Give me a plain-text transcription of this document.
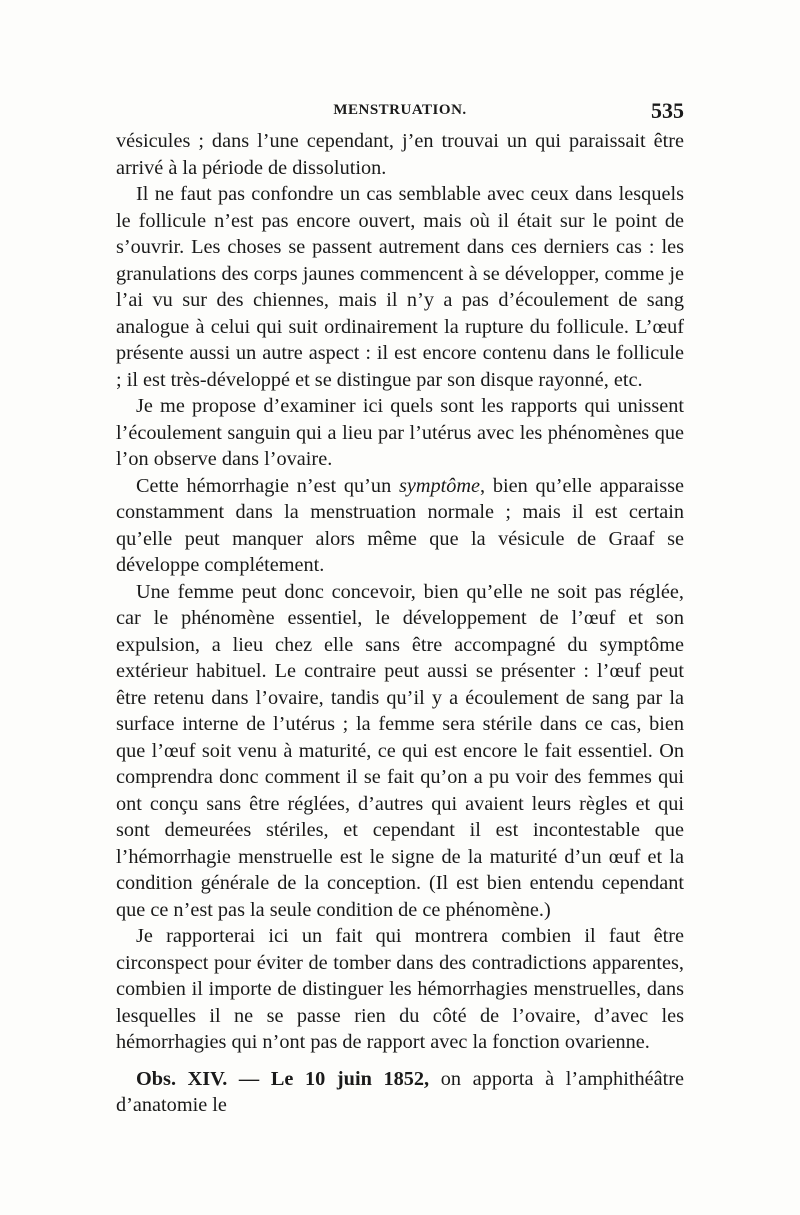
MENSTRUATION.	535

vésicules ; dans l’une cependant, j’en trouvai un qui paraissait être arrivé à la période de dissolution.

Il ne faut pas confondre un cas semblable avec ceux dans lesquels le follicule n’est pas encore ouvert, mais où il était sur le point de s’ouvrir. Les choses se passent autrement dans ces derniers cas : les granulations des corps jaunes commencent à se développer, comme je l’ai vu sur des chiennes, mais il n’y a pas d’écoulement de sang analogue à celui qui suit ordinairement la rupture du follicule. L’œuf présente aussi un autre aspect : il est encore contenu dans le follicule ; il est très-développé et se distingue par son disque rayonné, etc.

Je me propose d’examiner ici quels sont les rapports qui unissent l’écoulement sanguin qui a lieu par l’utérus avec les phénomènes que l’on observe dans l’ovaire.

Cette hémorrhagie n’est qu’un symptôme, bien qu’elle apparaisse constamment dans la menstruation normale ; mais il est certain qu’elle peut manquer alors même que la vésicule de Graaf se développe complétement.

Une femme peut donc concevoir, bien qu’elle ne soit pas réglée, car le phénomène essentiel, le développement de l’œuf et son expulsion, a lieu chez elle sans être accompagné du symptôme extérieur habituel. Le contraire peut aussi se présenter : l’œuf peut être retenu dans l’ovaire, tandis qu’il y a écoulement de sang par la surface interne de l’utérus ; la femme sera stérile dans ce cas, bien que l’œuf soit venu à maturité, ce qui est encore le fait essentiel. On comprendra donc comment il se fait qu’on a pu voir des femmes qui ont conçu sans être réglées, d’autres qui avaient leurs règles et qui sont demeurées stériles, et cependant il est incontestable que l’hémorrhagie menstruelle est le signe de la maturité d’un œuf et la condition générale de la conception. (Il est bien entendu cependant que ce n’est pas la seule condition de ce phénomène.)

Je rapporterai ici un fait qui montrera combien il faut être circonspect pour éviter de tomber dans des contradictions apparentes, combien il importe de distinguer les hémorrhagies menstruelles, dans lesquelles il ne se passe rien du côté de l’ovaire, d’avec les hémorrhagies qui n’ont pas de rapport avec la fonction ovarienne.

Obs. XIV. — Le 10 juin 1852, on apporta à l’amphithéâtre d’anatomie le
